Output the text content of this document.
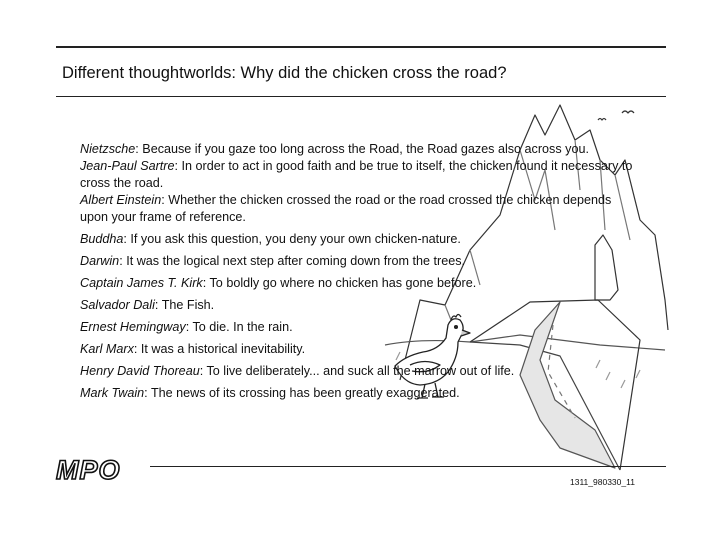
Different thoughtworlds: Why did the chicken cross the road?
Nietzsche: Because if you gaze too long across the Road, the Road gazes also across you.
Jean-Paul Sartre: In order to act in good faith and be true to itself, the chicken found it necessary to cross the road.
Albert Einstein: Whether the chicken crossed the road or the road crossed the chicken depends upon your frame of reference.
Buddha: If you ask this question, you deny your own chicken-nature.
Darwin: It was the logical next step after coming down from the trees.
Captain James T. Kirk: To boldly go where no chicken has gone before.
Salvador Dali: The Fish.
Ernest Hemingway: To die. In the rain.
Karl Marx: It was a historical inevitability.
Henry David Thoreau: To live deliberately... and suck all the marrow out of life.
Mark Twain: The news of its crossing has been greatly exaggerated.
MPO	1311_980330_11
